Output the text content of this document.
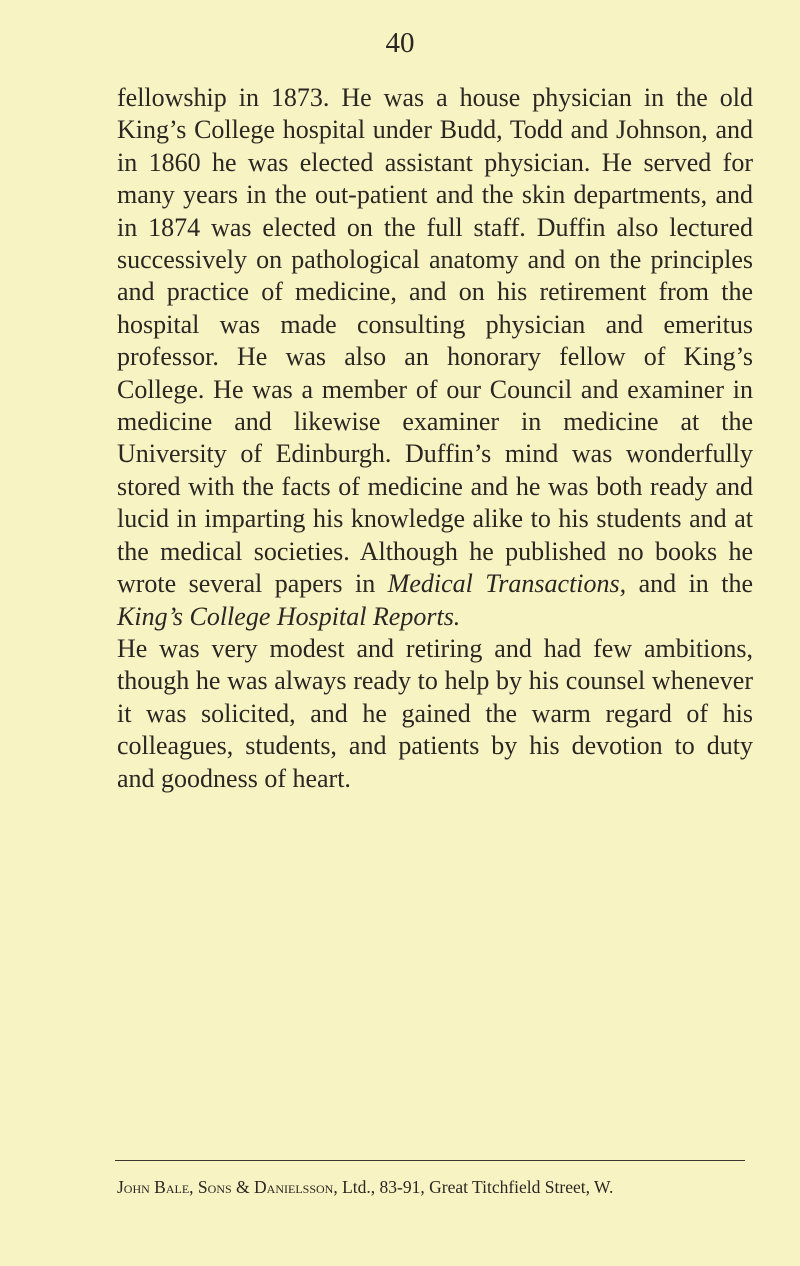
40

fellowship in 1873. He was a house physician in the old King’s College hospital under Budd, Todd and Johnson, and in 1860 he was elected assistant physician. He served for many years in the out-patient and the skin departments, and in 1874 was elected on the full staff. Duffin also lectured successively on pathological anatomy and on the principles and practice of medicine, and on his retirement from the hospital was made consulting physician and emeritus professor. He was also an honorary fellow of King’s College. He was a member of our Council and examiner in medicine and likewise examiner in medicine at the University of Edinburgh. Duffin’s mind was wonderfully stored with the facts of medicine and he was both ready and lucid in imparting his knowledge alike to his students and at the medical societies. Although he published no books he wrote several papers in Medical Transactions, and in the King’s College Hospital Reports.

He was very modest and retiring and had few ambitions, though he was always ready to help by his counsel whenever it was solicited, and he gained the warm regard of his colleagues, students, and patients by his devotion to duty and goodness of heart.

John Bale, Sons & Danielsson, Ltd., 83-91, Great Titchfield Street, W.
